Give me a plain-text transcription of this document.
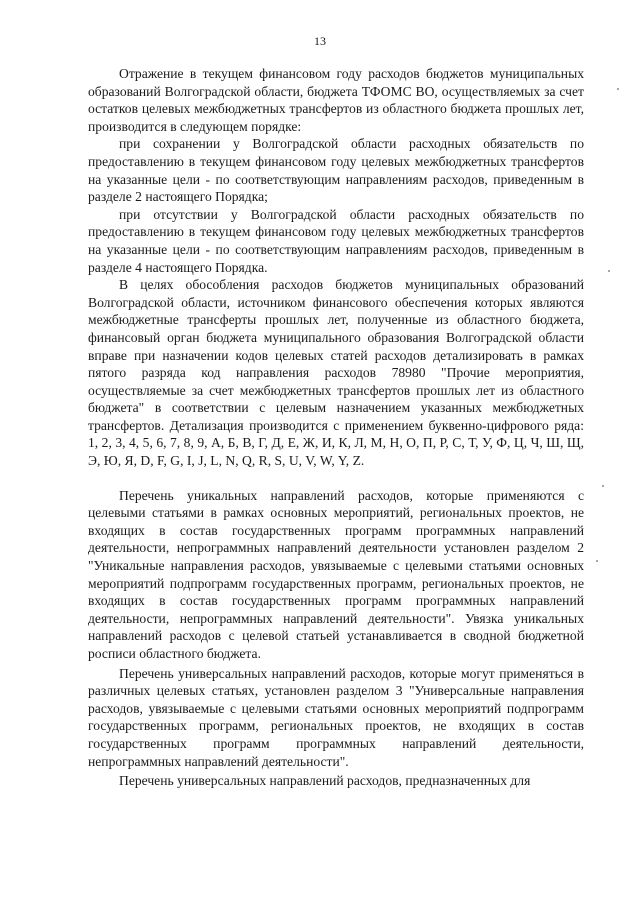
13

Отражение в текущем финансовом году расходов бюджетов муниципальных образований Волгоградской области, бюджета ТФОМС ВО, осуществляемых за счет остатков целевых межбюджетных трансфертов из областного бюджета прошлых лет, производится в следующем порядке:

при сохранении у Волгоградской области расходных обязательств по предоставлению в текущем финансовом году целевых межбюджетных трансфертов на указанные цели - по соответствующим направлениям расходов, приведенным в разделе 2 настоящего Порядка;

при отсутствии у Волгоградской области расходных обязательств по предоставлению в текущем финансовом году целевых межбюджетных трансфертов на указанные цели - по соответствующим направлениям расходов, приведенным в разделе 4 настоящего Порядка.

В целях обособления расходов бюджетов муниципальных образований Волгоградской области, источником финансового обеспечения которых являются межбюджетные трансферты прошлых лет, полученные из областного бюджета, финансовый орган бюджета муниципального образования Волгоградской области вправе при назначении кодов целевых статей расходов детализировать в рамках пятого разряда код направления расходов 78980 "Прочие мероприятия, осуществляемые за счет межбюджетных трансфертов прошлых лет из областного бюджета" в соответствии с целевым назначением указанных межбюджетных трансфертов. Детализация производится с применением буквенно-цифрового ряда: 1, 2, 3, 4, 5, 6, 7, 8, 9, А, Б, В, Г, Д, Е, Ж, И, К, Л, М, Н, О, П, Р, С, Т, У, Ф, Ц, Ч, Ш, Щ, Э, Ю, Я, D, F, G, I, J, L, N, Q, R, S, U, V, W, Y, Z.

Перечень уникальных направлений расходов, которые применяются с целевыми статьями в рамках основных мероприятий, региональных проектов, не входящих в состав государственных программ программных направлений деятельности, непрограммных направлений деятельности установлен разделом 2 "Уникальные направления расходов, увязываемые с целевыми статьями основных мероприятий подпрограмм государственных программ, региональных проектов, не входящих в состав государственных программ программных направлений деятельности, непрограммных направлений деятельности". Увязка уникальных направлений расходов с целевой статьей устанавливается в сводной бюджетной росписи областного бюджета.

Перечень универсальных направлений расходов, которые могут применяться в различных целевых статьях, установлен разделом 3 "Универсальные направления расходов, увязываемые с целевыми статьями основных мероприятий подпрограмм государственных программ, региональных проектов, не входящих в состав государственных программ программных направлений деятельности, непрограммных направлений деятельности".

Перечень универсальных направлений расходов, предназначенных для
